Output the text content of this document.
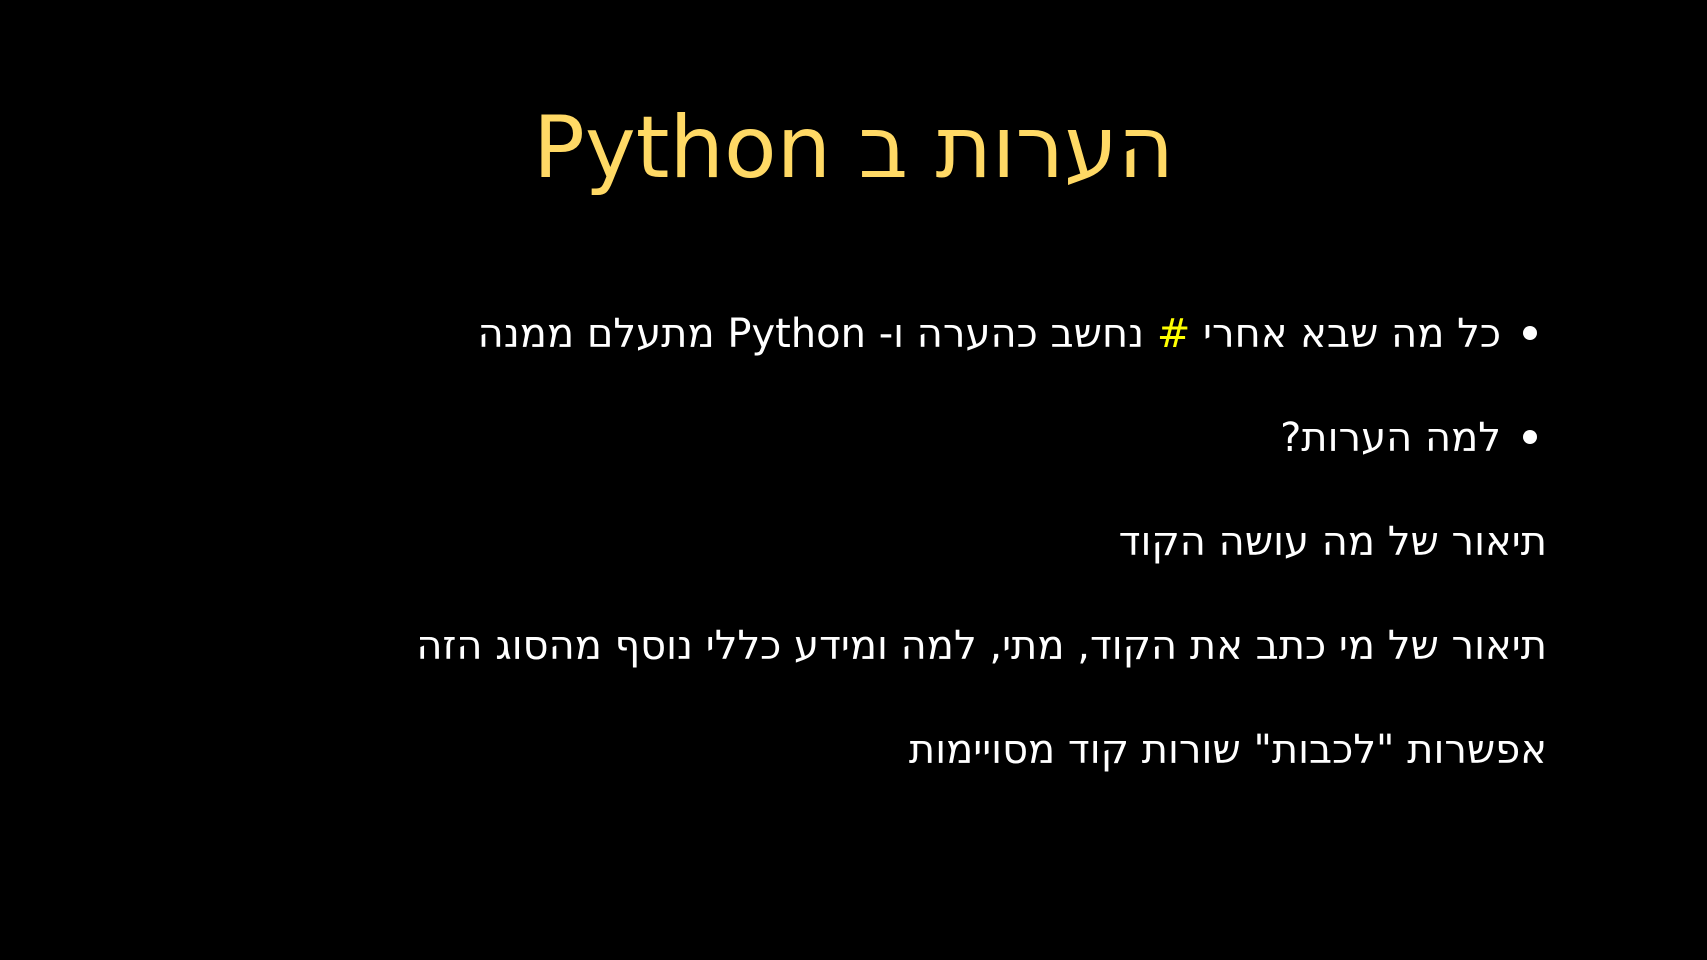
הערות ב Python
כל מה שבא אחרי # נחשב כהערה ו- Python מתעלם ממנה
למה הערות?
תיאור של מה עושה הקוד
תיאור של מי כתב את הקוד, מתי, למה ומידע כללי נוסף מהסוג הזה
אפשרות "לכבות" שורות קוד מסויימות
